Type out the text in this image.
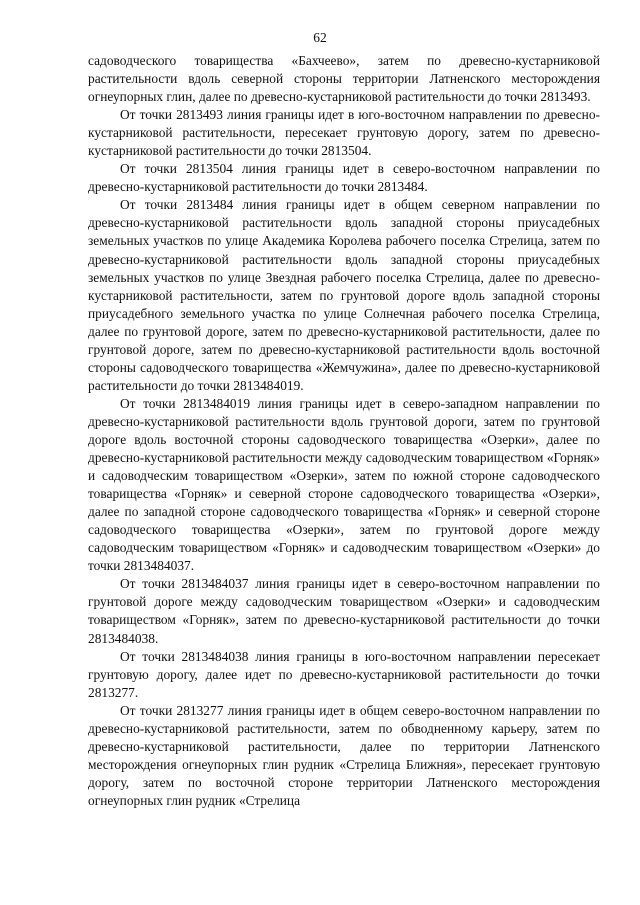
62

садоводческого товарищества «Бахчеево», затем по древесно-кустарниковой растительности вдоль северной стороны территории Латненского месторождения огнеупорных глин, далее по древесно-кустарниковой растительности до точки 2813493.

От точки 2813493 линия границы идет в юго-восточном направлении по древесно-кустарниковой растительности, пересекает грунтовую дорогу, затем по древесно-кустарниковой растительности до точки 2813504.

От точки 2813504 линия границы идет в северо-восточном направлении по древесно-кустарниковой растительности до точки 2813484.

От точки 2813484 линия границы идет в общем северном направлении по древесно-кустарниковой растительности вдоль западной стороны приусадебных земельных участков по улице Академика Королева рабочего поселка Стрелица, затем по древесно-кустарниковой растительности вдоль западной стороны приусадебных земельных участков по улице Звездная рабочего поселка Стрелица, далее по древесно-кустарниковой растительности, затем по грунтовой дороге вдоль западной стороны приусадебного земельного участка по улице Солнечная рабочего поселка Стрелица, далее по грунтовой дороге, затем по древесно-кустарниковой растительности, далее по грунтовой дороге, затем по древесно-кустарниковой растительности вдоль восточной стороны садоводческого товарищества «Жемчужина», далее по древесно-кустарниковой растительности до точки 2813484019.

От точки 2813484019 линия границы идет в северо-западном направлении по древесно-кустарниковой растительности вдоль грунтовой дороги, затем по грунтовой дороге вдоль восточной стороны садоводческого товарищества «Озерки», далее по древесно-кустарниковой растительности между садоводческим товариществом «Горняк» и садоводческим товариществом «Озерки», затем по южной стороне садоводческого товарищества «Горняк» и северной стороне садоводческого товарищества «Озерки», далее по западной стороне садоводческого товарищества «Горняк» и северной стороне садоводческого товарищества «Озерки», затем по грунтовой дороге между садоводческим товариществом «Горняк» и садоводческим товариществом «Озерки» до точки 2813484037.

От точки 2813484037 линия границы идет в северо-восточном направлении по грунтовой дороге между садоводческим товариществом «Озерки» и садоводческим товариществом «Горняк», затем по древесно-кустарниковой растительности до точки 2813484038.

От точки 2813484038 линия границы в юго-восточном направлении пересекает грунтовую дорогу, далее идет по древесно-кустарниковой растительности до точки 2813277.

От точки 2813277 линия границы идет в общем северо-восточном направлении по древесно-кустарниковой растительности, затем по обводненному карьеру, затем по древесно-кустарниковой растительности, далее по территории Латненского месторождения огнеупорных глин рудник «Стрелица Ближняя», пересекает грунтовую дорогу, затем по восточной стороне территории Латненского месторождения огнеупорных глин рудник «Стрелица
